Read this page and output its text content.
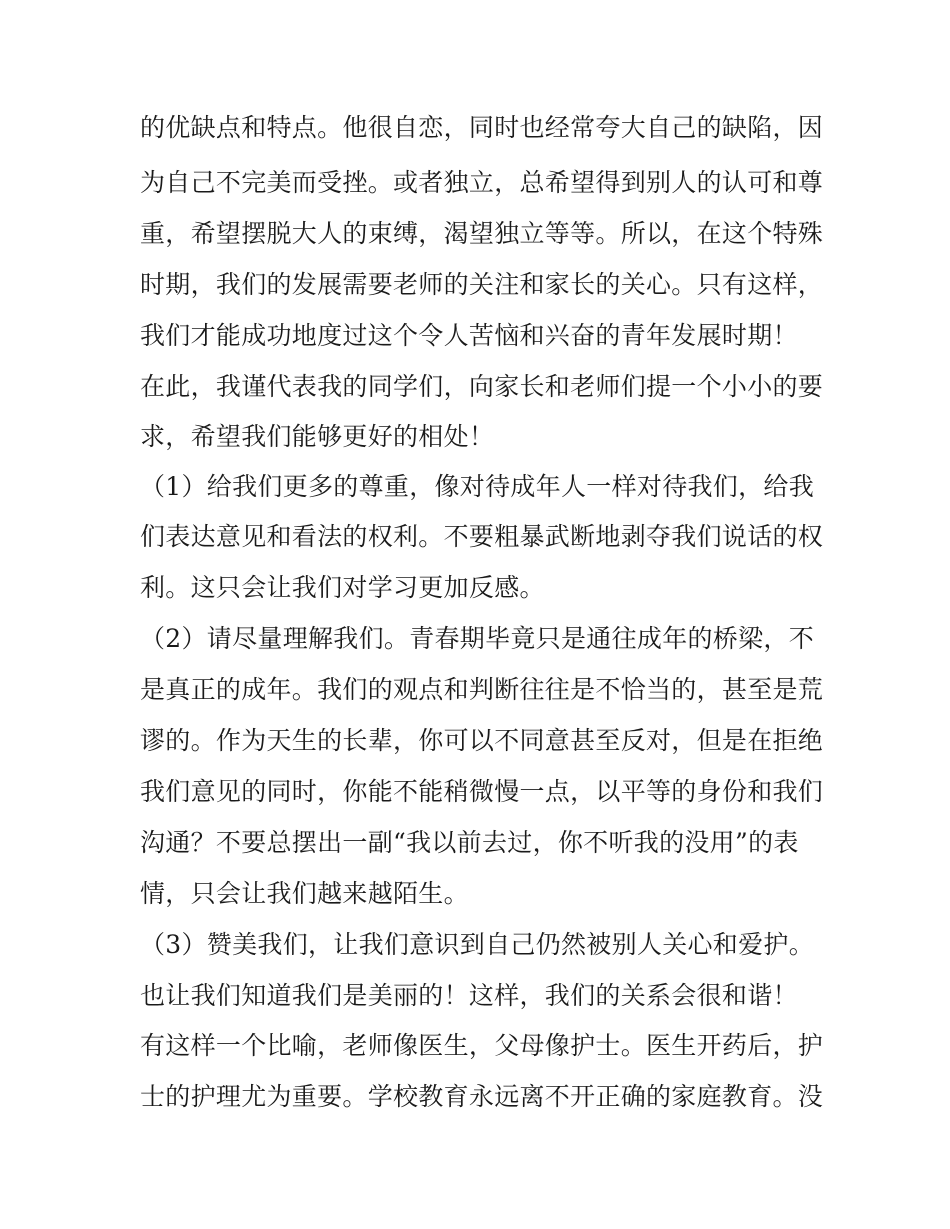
的优缺点和特点。他很自恋，同时也经常夸大自己的缺陷，因
为自己不完美而受挫。或者独立，总希望得到别人的认可和尊
重，希望摆脱大人的束缚，渴望独立等等。所以，在这个特殊
时期，我们的发展需要老师的关注和家长的关心。只有这样，
我们才能成功地度过这个令人苦恼和兴奋的青年发展时期！
在此，我谨代表我的同学们，向家长和老师们提一个小小的要
求，希望我们能够更好的相处！
（1）给我们更多的尊重，像对待成年人一样对待我们，给我
们表达意见和看法的权利。不要粗暴武断地剥夺我们说话的权
利。这只会让我们对学习更加反感。
（2）请尽量理解我们。青春期毕竟只是通往成年的桥梁，不
是真正的成年。我们的观点和判断往往是不恰当的，甚至是荒
谬的。作为天生的长辈，你可以不同意甚至反对，但是在拒绝
我们意见的同时，你能不能稍微慢一点，以平等的身份和我们
沟通？不要总摆出一副“我以前去过，你不听我的没用”的表
情，只会让我们越来越陌生。
（3）赞美我们，让我们意识到自己仍然被别人关心和爱护。
也让我们知道我们是美丽的！这样，我们的关系会很和谐！
有这样一个比喻，老师像医生，父母像护士。医生开药后，护
士的护理尤为重要。学校教育永远离不开正确的家庭教育。没
